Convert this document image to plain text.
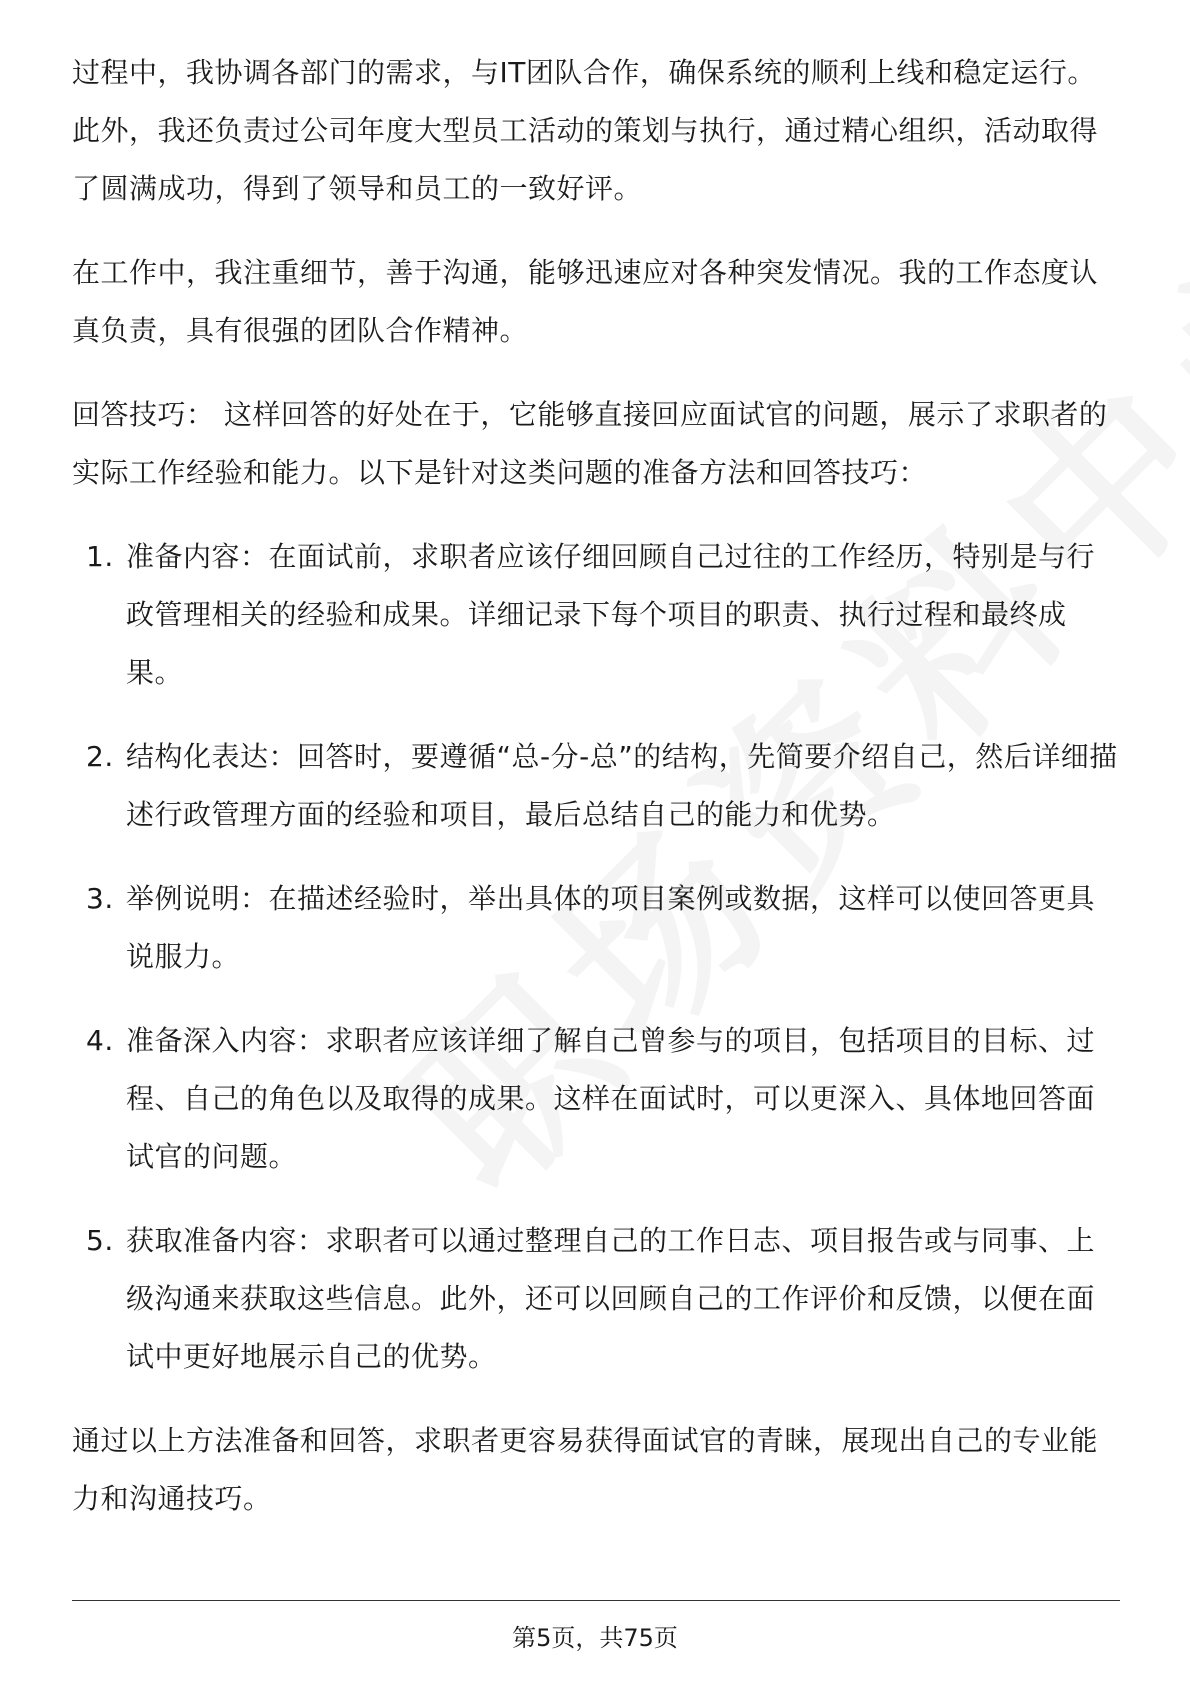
过程中，我协调各部门的需求，与IT团队合作，确保系统的顺利上线和稳定运行。此外，我还负责过公司年度大型员工活动的策划与执行，通过精心组织，活动取得了圆满成功，得到了领导和员工的一致好评。

在工作中，我注重细节，善于沟通，能够迅速应对各种突发情况。我的工作态度认真负责，具有很强的团队合作精神。

回答技巧： 这样回答的好处在于，它能够直接回应面试官的问题，展示了求职者的实际工作经验和能力。以下是针对这类问题的准备方法和回答技巧：

1. 准备内容：在面试前，求职者应该仔细回顾自己过往的工作经历，特别是与行政管理相关的经验和成果。详细记录下每个项目的职责、执行过程和最终成果。
2. 结构化表达：回答时，要遵循“总-分-总”的结构，先简要介绍自己，然后详细描述行政管理方面的经验和项目，最后总结自己的能力和优势。
3. 举例说明：在描述经验时，举出具体的项目案例或数据，这样可以使回答更具说服力。
4. 准备深入内容：求职者应该详细了解自己曾参与的项目，包括项目的目标、过程、自己的角色以及取得的成果。这样在面试时，可以更深入、具体地回答面试官的问题。
5. 获取准备内容：求职者可以通过整理自己的工作日志、项目报告或与同事、上级沟通来获取这些信息。此外，还可以回顾自己的工作评价和反馈，以便在面试中更好地展示自己的优势。

通过以上方法准备和回答，求职者更容易获得面试官的青睐，展现出自己的专业能力和沟通技巧。

第5页，共75页
